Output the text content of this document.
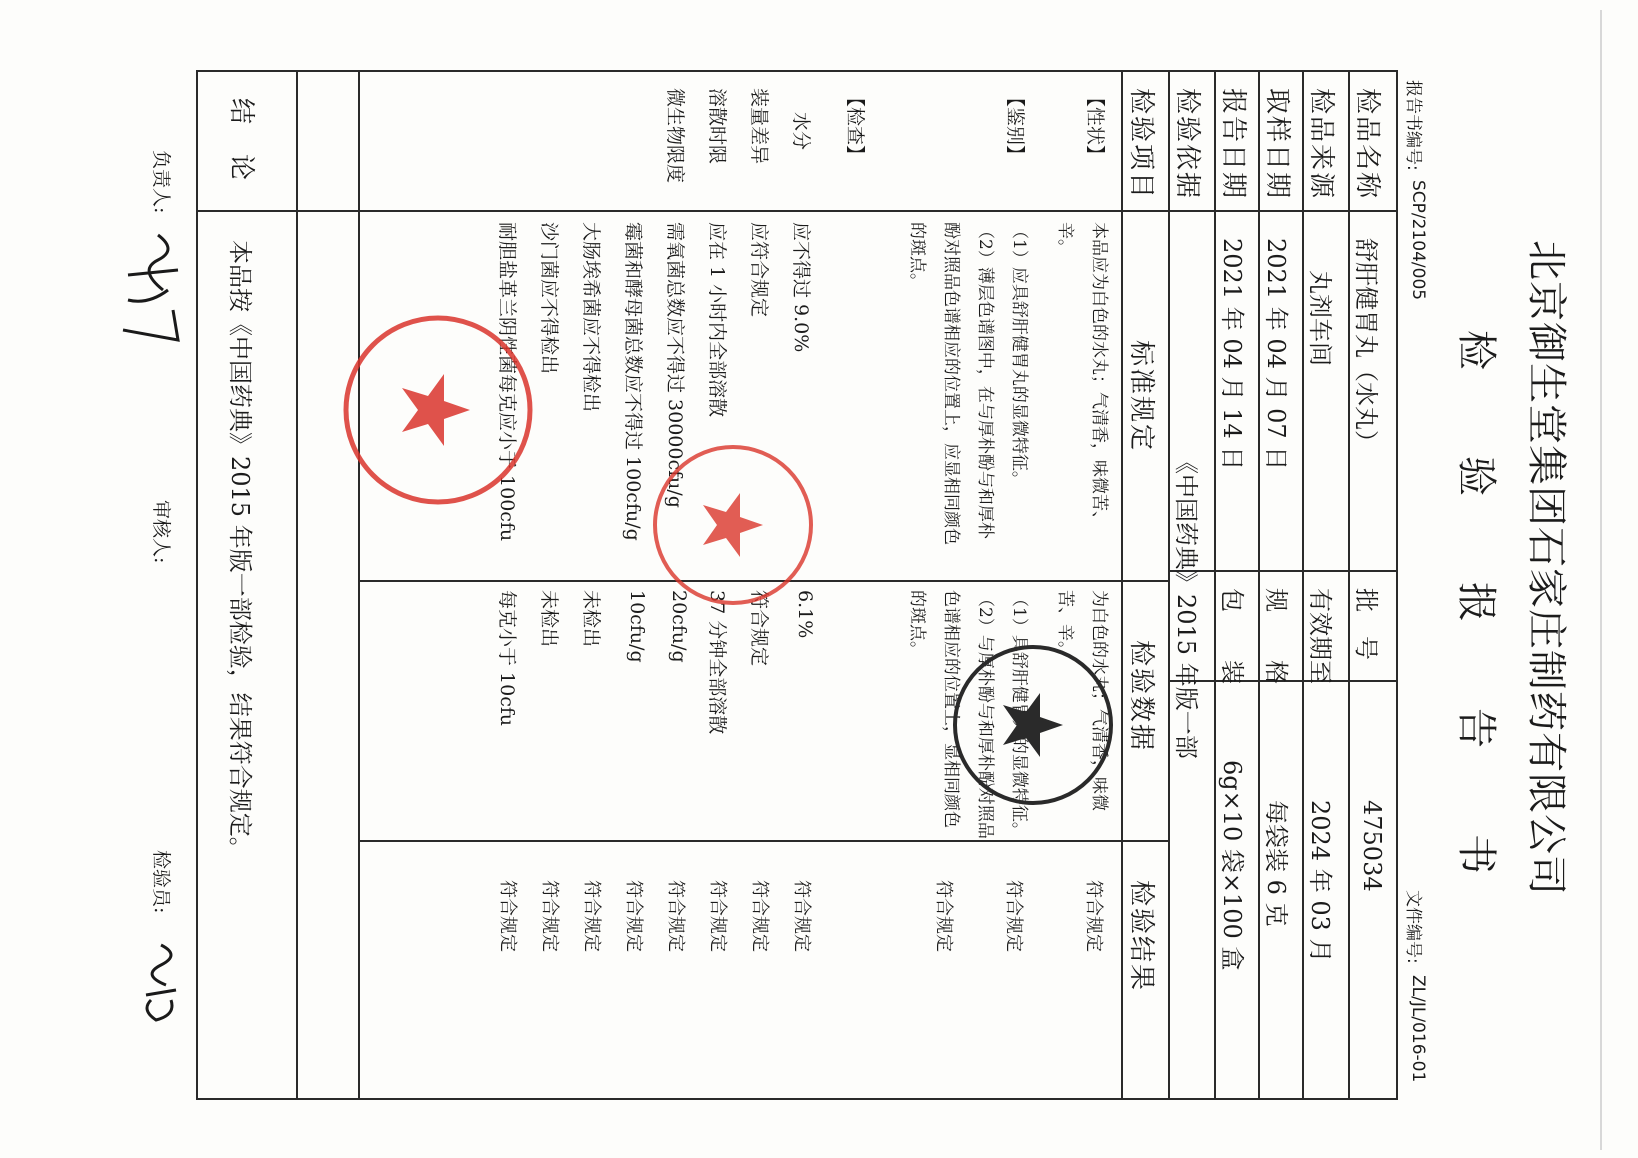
北京御生堂集团石家庄制药有限公司
检　　验　　报　　告　　书
报告书编号:
SCP/2104/005
文件编号:
ZL/JL/016-01
检品名称
舒肝健胃丸（水丸）
批　号
475034
检品来源
丸剂车间
有效期至
2024 年 03 月
取样日期
2021 年 04 月 07 日
规　　格
每袋装 6 克
报告日期
2021 年 04 月 14 日
包　　装
6g×10 袋×100 盒
检验依据
《中国药典》2015 年版一部
检验项目
标准规定
检验数据
检验结果
【性状】
本品应为白色的水丸；气清香，味微苦、
辛。
为白色的水丸；气清香，味微
苦、辛。
符合规定
【鉴别】
（1）应具舒肝健胃丸的显微特征。
（2）薄层色谱图中，在与厚朴酚与和厚朴
酚对照品色谱相应的位置上，应显相同颜色
的斑点。
（2）与厚朴酚与和厚朴酚对照品
色谱相应的位置上，显相同颜色
的斑点。
符合规定
符合规定
【检查】
水分
应不得过 9.0%
6.1%
符合规定
装量差异
应符合规定
符合规定
符合规定
溶散时限
应在 1 小时内全部溶散
37 分钟全部溶散
符合规定
微生物限度
需氧菌总数应不得过 30000cfu/g
20cfu/g
符合规定
霉菌和酵母菌总数应不得过 100cfu/g
10cfu/g
符合规定
大肠埃希菌应不得检出
未检出
符合规定
沙门菌应不得检出
未检出
符合规定
耐胆盐革兰阴性菌每克应小于 100cfu
每克小于 10cfu
符合规定
结　论
本品按《中国药典》2015 年版一部检验，结果符合规定。
负责人:
审核人:
检验员:
